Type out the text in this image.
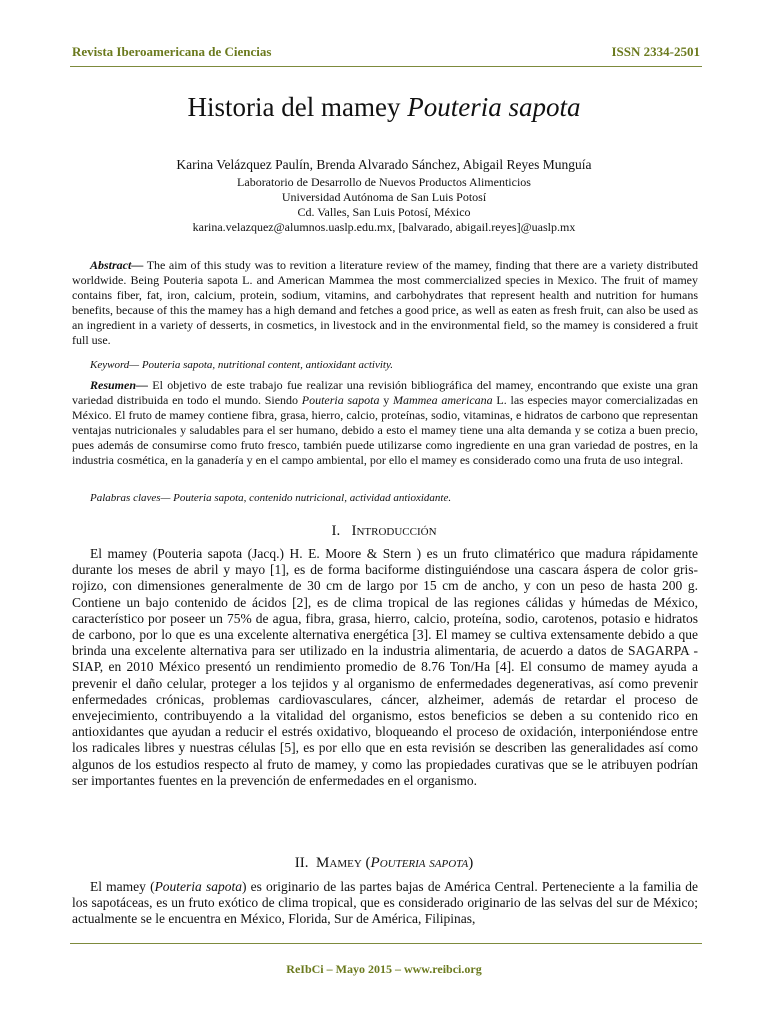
Revista Iberoamericana de Ciencias	ISSN 2334-2501
Historia del mamey Pouteria sapota
Karina Velázquez Paulín, Brenda Alvarado Sánchez, Abigail Reyes Munguía
Laboratorio de Desarrollo de Nuevos Productos Alimenticios
Universidad Autónoma de San Luis Potosí
Cd. Valles, San Luis Potosí, México
karina.velazquez@alumnos.uaslp.edu.mx, [balvarado, abigail.reyes]@uaslp.mx
Abstract— The aim of this study was to revition a literature review of the mamey, finding that there are a variety distributed worldwide. Being Pouteria sapota L. and American Mammea the most commercialized species in Mexico. The fruit of mamey contains fiber, fat, iron, calcium, protein, sodium, vitamins, and carbohydrates that represent health and nutrition for humans benefits, because of this the mamey has a high demand and fetches a good price, as well as eaten as fresh fruit, can also be used as an ingredient in a variety of desserts, in cosmetics, in livestock and in the environmental field, so the mamey is considered a fruit full use.
Keyword— Pouteria sapota, nutritional content, antioxidant activity.
Resumen— El objetivo de este trabajo fue realizar una revisión bibliográfica del mamey, encontrando que existe una gran variedad distribuida en todo el mundo. Siendo Pouteria sapota y Mammea americana L. las especies mayor comercializadas en México. El fruto de mamey contiene fibra, grasa, hierro, calcio, proteínas, sodio, vitaminas, e hidratos de carbono que representan ventajas nutricionales y saludables para el ser humano, debido a esto el mamey tiene una alta demanda y se cotiza a buen precio, pues además de consumirse como fruto fresco, también puede utilizarse como ingrediente en una gran variedad de postres, en la industria cosmética, en la ganadería y en el campo ambiental, por ello el mamey es considerado como una fruta de uso integral.
Palabras claves— Pouteria sapota, contenido nutricional, actividad antioxidante.
I. Introducción
El mamey (Pouteria sapota (Jacq.) H. E. Moore & Stern ) es un fruto climatérico que madura rápidamente durante los meses de abril y mayo [1], es de forma baciforme distinguiéndose una cascara áspera de color gris-rojizo, con dimensiones generalmente de 30 cm de largo por 15 cm de ancho, y con un peso de hasta 200 g. Contiene un bajo contenido de ácidos [2], es de clima tropical de las regiones cálidas y húmedas de México, característico por poseer un 75% de agua, fibra, grasa, hierro, calcio, proteína, sodio, carotenos, potasio e hidratos de carbono, por lo que es una excelente alternativa energética [3]. El mamey se cultiva extensamente debido a que brinda una excelente alternativa para ser utilizado en la industria alimentaria, de acuerdo a datos de SAGARPA - SIAP, en 2010 México presentó un rendimiento promedio de 8.76 Ton/Ha [4]. El consumo de mamey ayuda a prevenir el daño celular, proteger a los tejidos y al organismo de enfermedades degenerativas, así como prevenir enfermedades crónicas, problemas cardiovasculares, cáncer, alzheimer, además de retardar el proceso de envejecimiento, contribuyendo a la vitalidad del organismo, estos beneficios se deben a su contenido rico en antioxidantes que ayudan a reducir el estrés oxidativo, bloqueando el proceso de oxidación, interponiéndose entre los radicales libres y nuestras células [5], es por ello que en esta revisión se describen las generalidades así como algunos de los estudios respecto al fruto de mamey, y como las propiedades curativas que se le atribuyen podrían ser importantes fuentes en la prevención de enfermedades en el organismo.
II. Mamey (Pouteria sapota)
El mamey (Pouteria sapota) es originario de las partes bajas de América Central. Perteneciente a la familia de los sapotáceas, es un fruto exótico de clima tropical, que es considerado originario de las selvas del sur de México; actualmente se le encuentra en México, Florida, Sur de América, Filipinas,
ReIbCi – Mayo 2015 – www.reibci.org
